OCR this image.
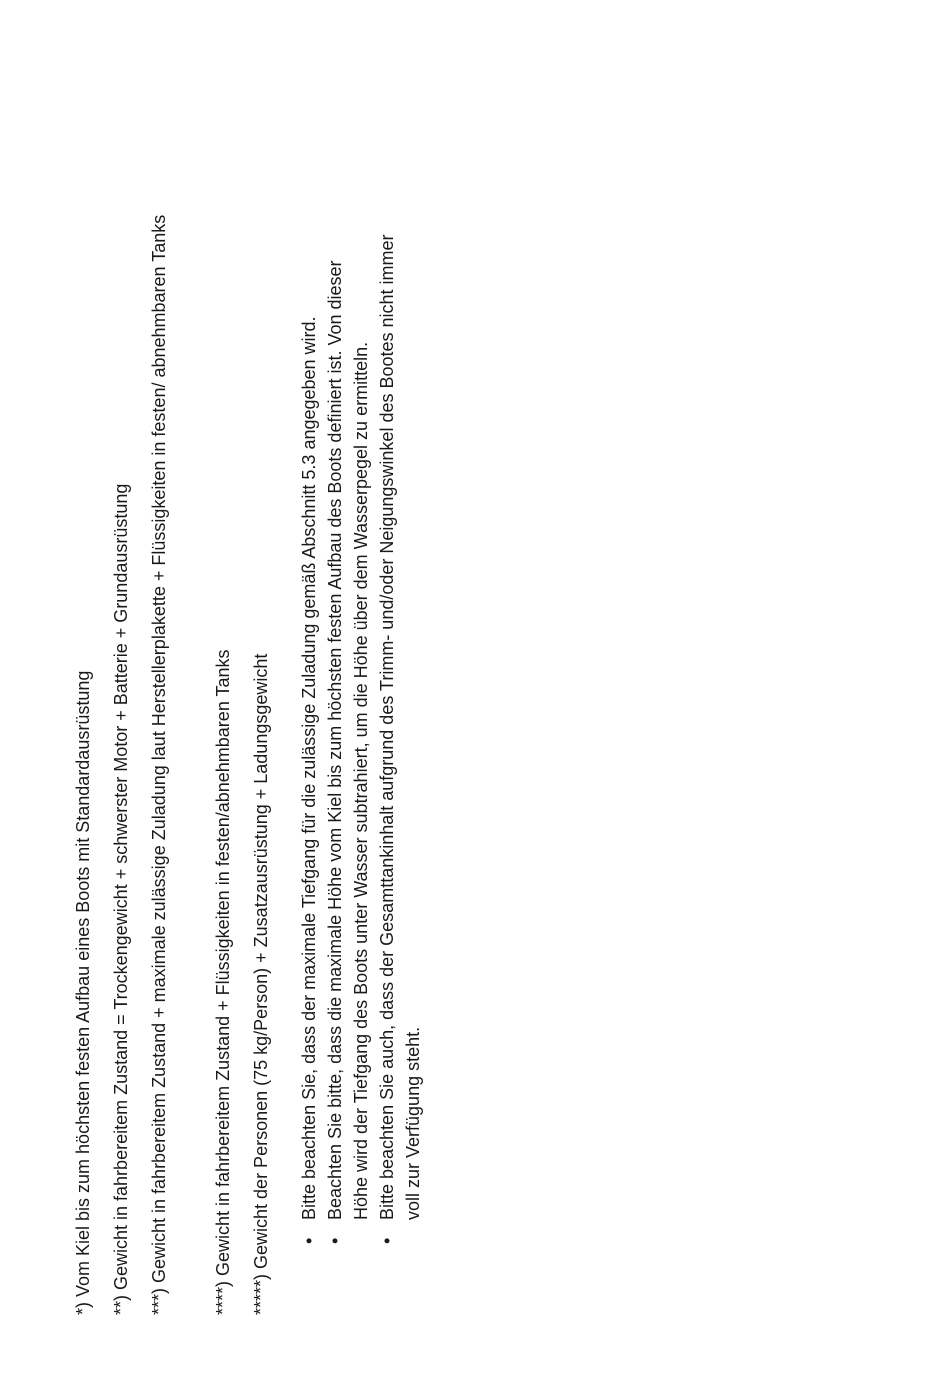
*) Vom Kiel bis zum höchsten festen Aufbau eines Boots mit Standardausrüstung **) Gewicht in fahrbereitem Zustand = Trockengewicht + schwerster Motor + Batterie + Grundausrüstung ***) Gewicht in fahrbereitem Zustand + maximale zulässige Zuladung laut Herstellerplakette + Flüssigkeiten in festen/ abnehmbaren Tanks ****) Gewicht in fahrbereitem Zustand + Flüssigkeiten in festen/abnehmbaren Tanks *****) Gewicht der Personen (75 kg/Person) + Zusatzausrüstung + Ladungsgewicht •
Bitte beachten Sie, dass der maximale Tiefgang für die zulässige Zuladung gemäß Abschnitt 5.3 angegeben wird.
•
Beachten Sie bitte, dass die maximale Höhe vom Kiel bis zum höchsten festen Aufbau des Boots definiert ist. Von dieser Höhe wird der Tiefgang des Boots unter Wasser subtrahiert, um die Höhe über dem Wasserpegel zu ermitteln.
•
Bitte beachten Sie auch, dass der Gesamttankinhalt aufgrund des Trimm- und/oder Neigungswinkel des Bootes nicht immer voll zur Verfügung steht.
